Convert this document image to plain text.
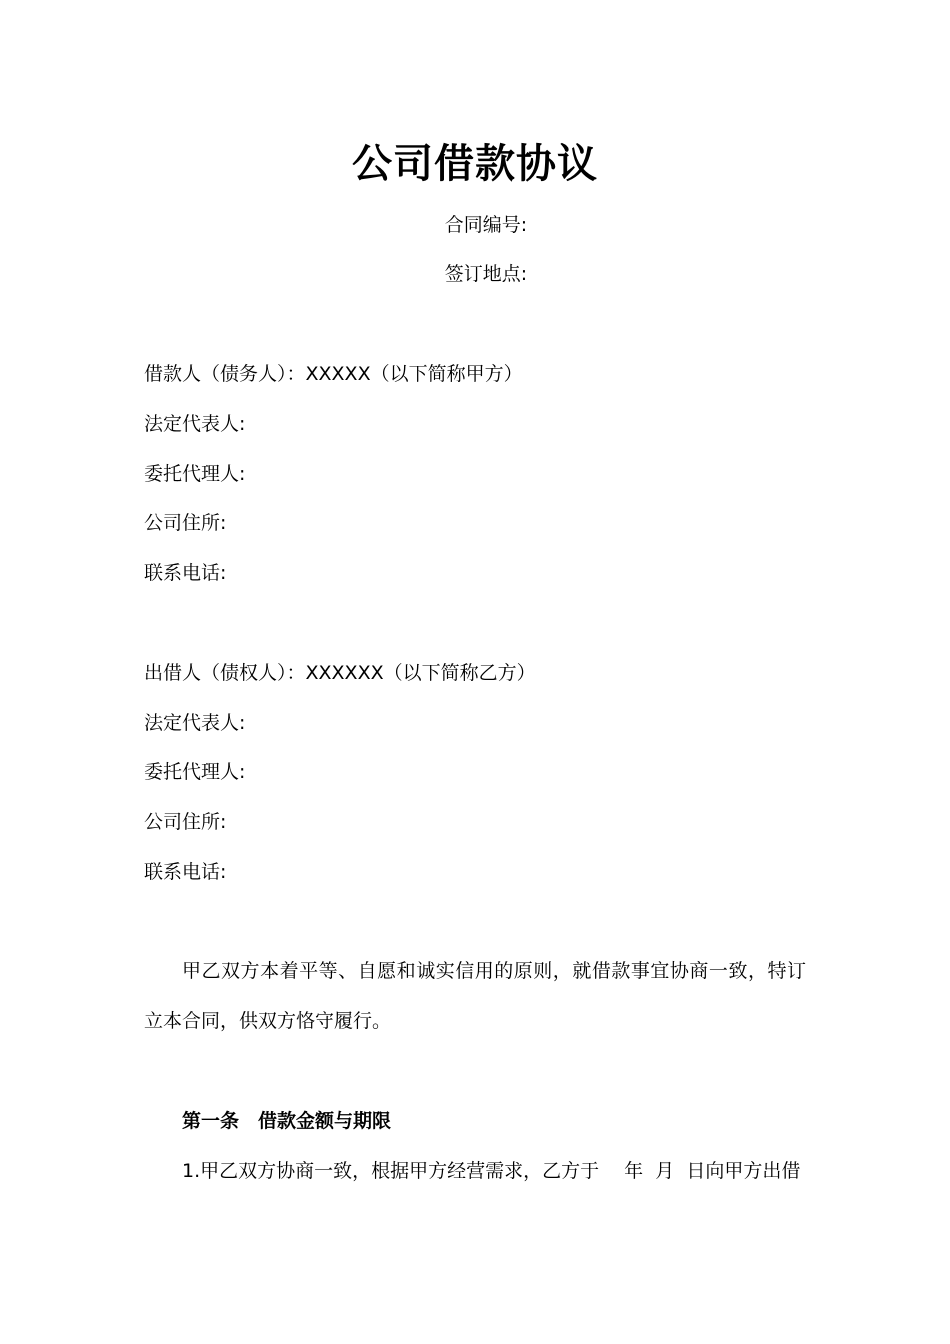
公司借款协议
合同编号:
签订地点:
借款人（债务人）：XXXXX（以下简称甲方）
法定代表人:
委托代理人:
公司住所:
联系电话:
出借人（债权人）：XXXXXX（以下简称乙方）
法定代表人:
委托代理人:
公司住所:
联系电话:
甲乙双方本着平等、自愿和诚实信用的原则，就借款事宜协商一致，特订立本合同，供双方恪守履行。
第一条　借款金额与期限
1.甲乙双方协商一致，根据甲方经营需求，乙方于　 年  月  日向甲方出借
